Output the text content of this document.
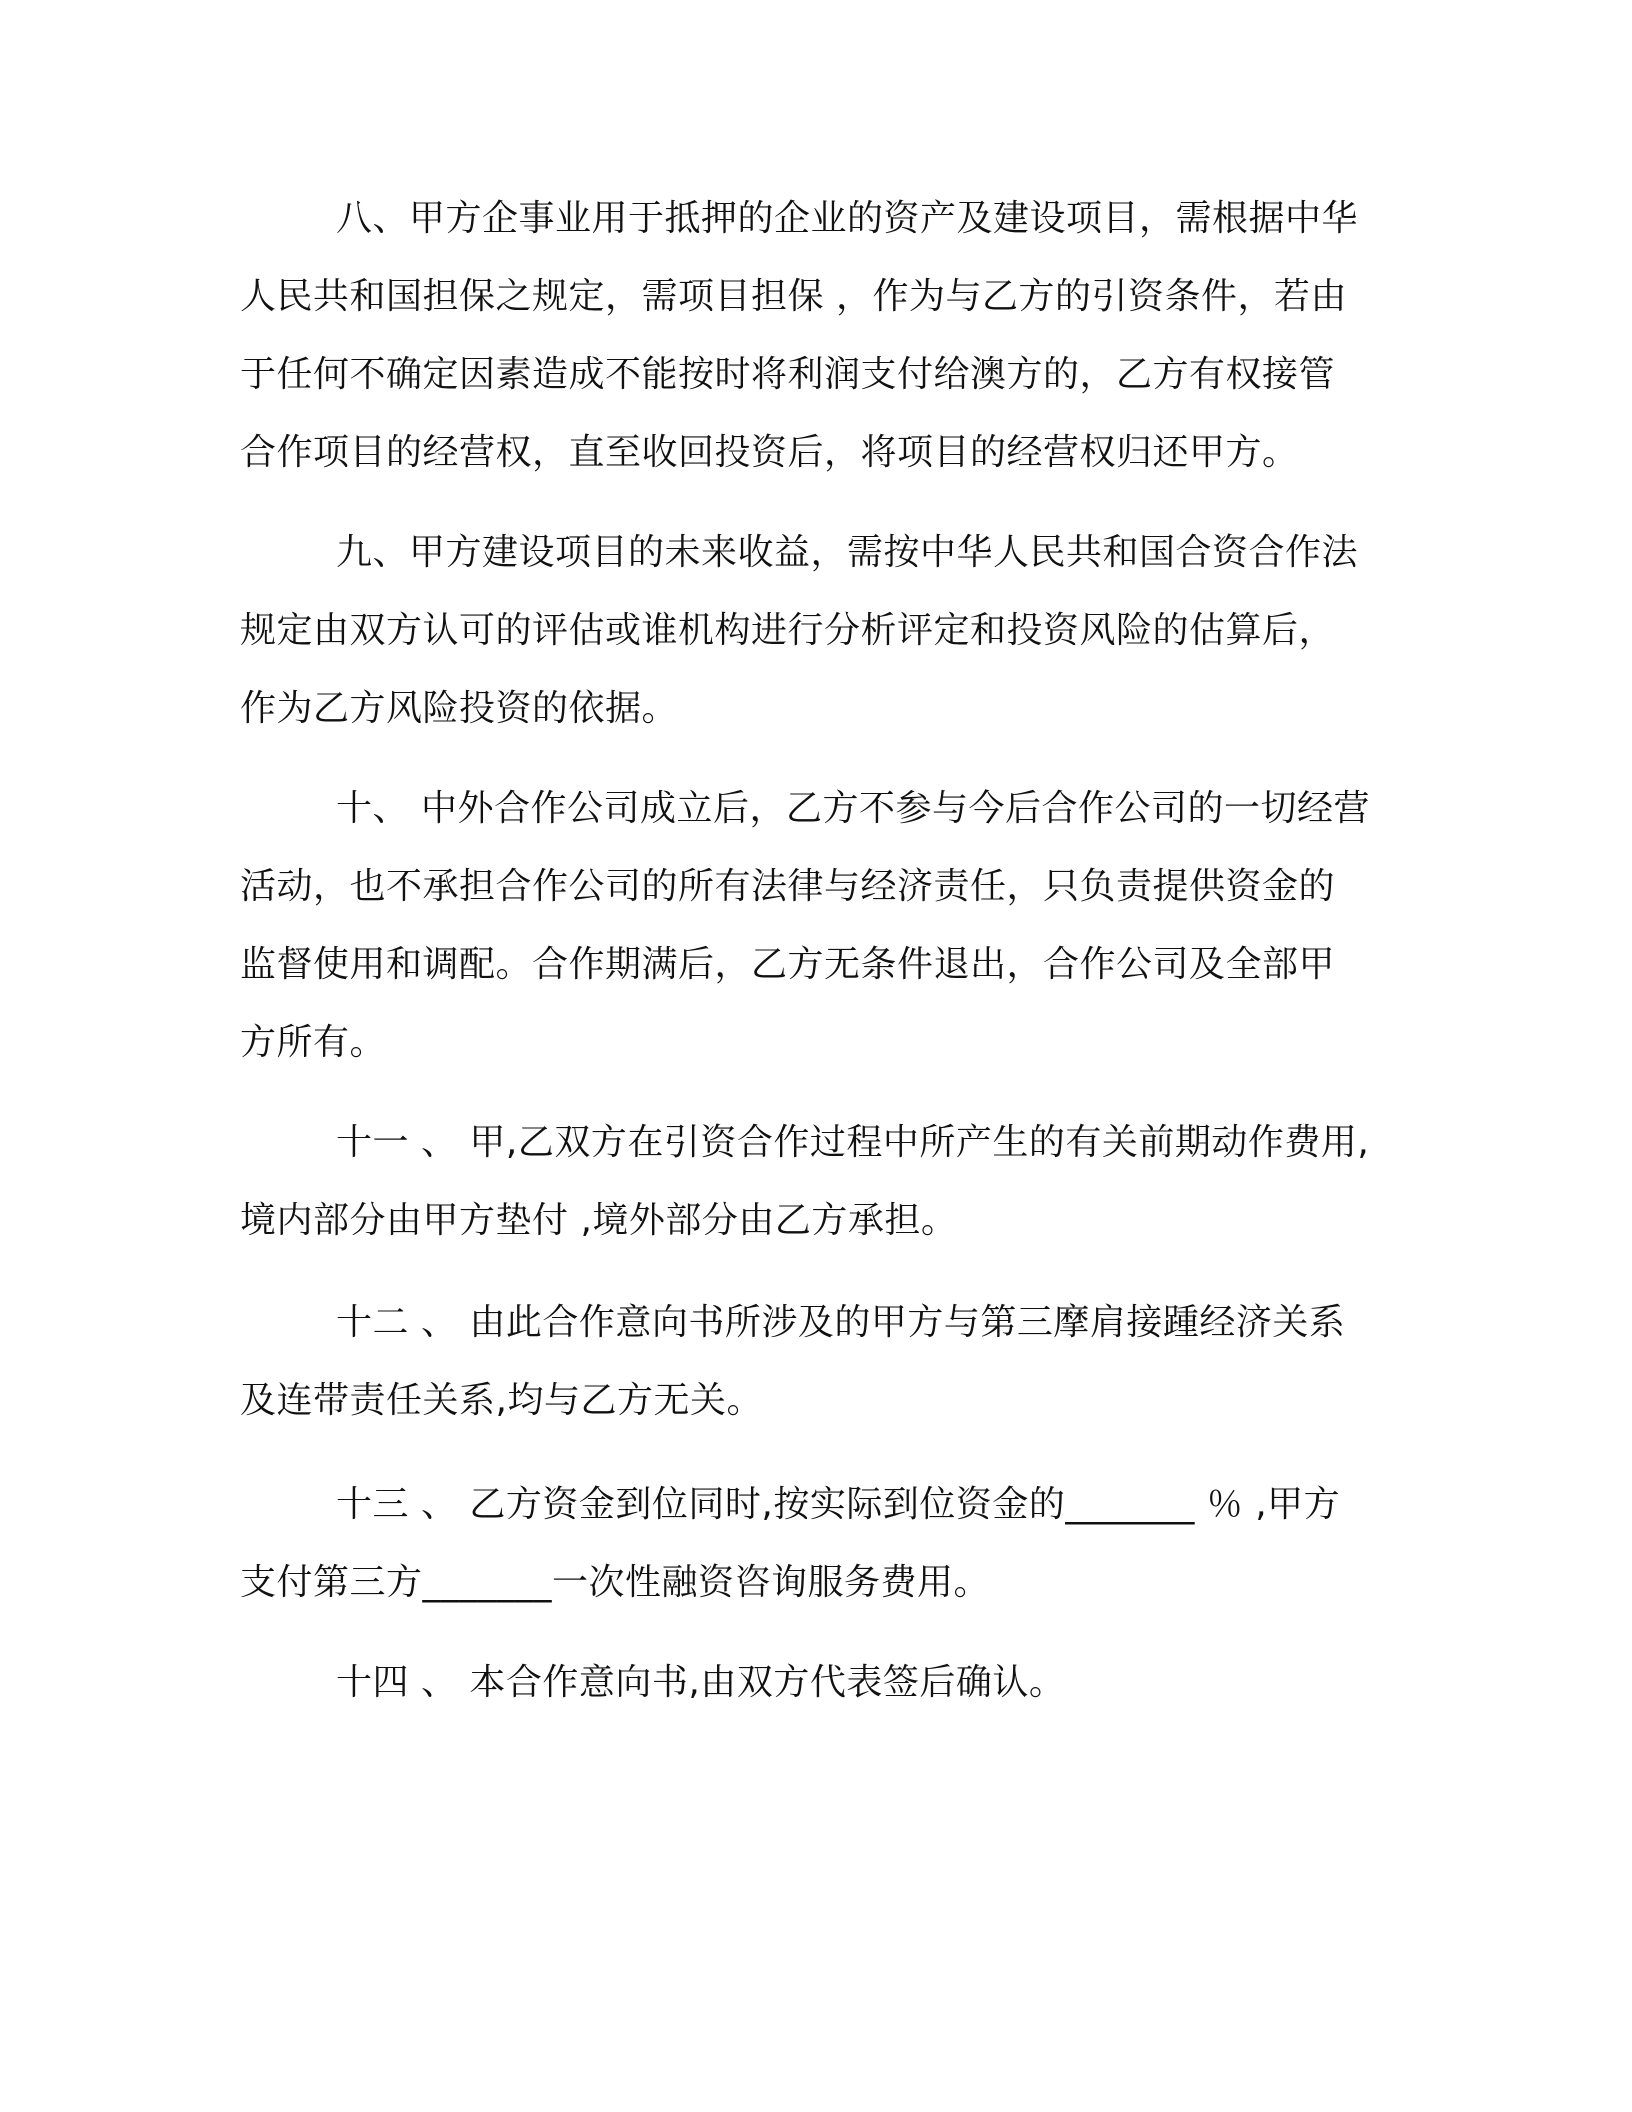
八、甲方企事业用于抵押的企业的资产及建设项目，需根据中华
人民共和国担保之规定，需项目担保 ，作为与乙方的引资条件，若由
于任何不确定因素造成不能按时将利润支付给澳方的，乙方有权接管
合作项目的经营权，直至收回投资后，将项目的经营权归还甲方。

九、甲方建设项目的未来收益，需按中华人民共和国合资合作法
规定由双方认可的评估或谁机构进行分析评定和投资风险的估算后，
作为乙方风险投资的依据。

十、 中外合作公司成立后，乙方不参与今后合作公司的一切经营
活动，也不承担合作公司的所有法律与经济责任，只负责提供资金的
监督使用和调配。合作期满后，乙方无条件退出，合作公司及全部甲
方所有。

十一 、 甲,乙双方在引资合作过程中所产生的有关前期动作费用,
境内部分由甲方垫付 ,境外部分由乙方承担。

十二 、 由此合作意向书所涉及的甲方与第三摩肩接踵经济关系
及连带责任关系,均与乙方无关。

十三 、 乙方资金到位同时,按实际到位资金的_______ ％ ,甲方
支付第三方_______一次性融资咨询服务费用。

十四 、 本合作意向书,由双方代表签后确认。
